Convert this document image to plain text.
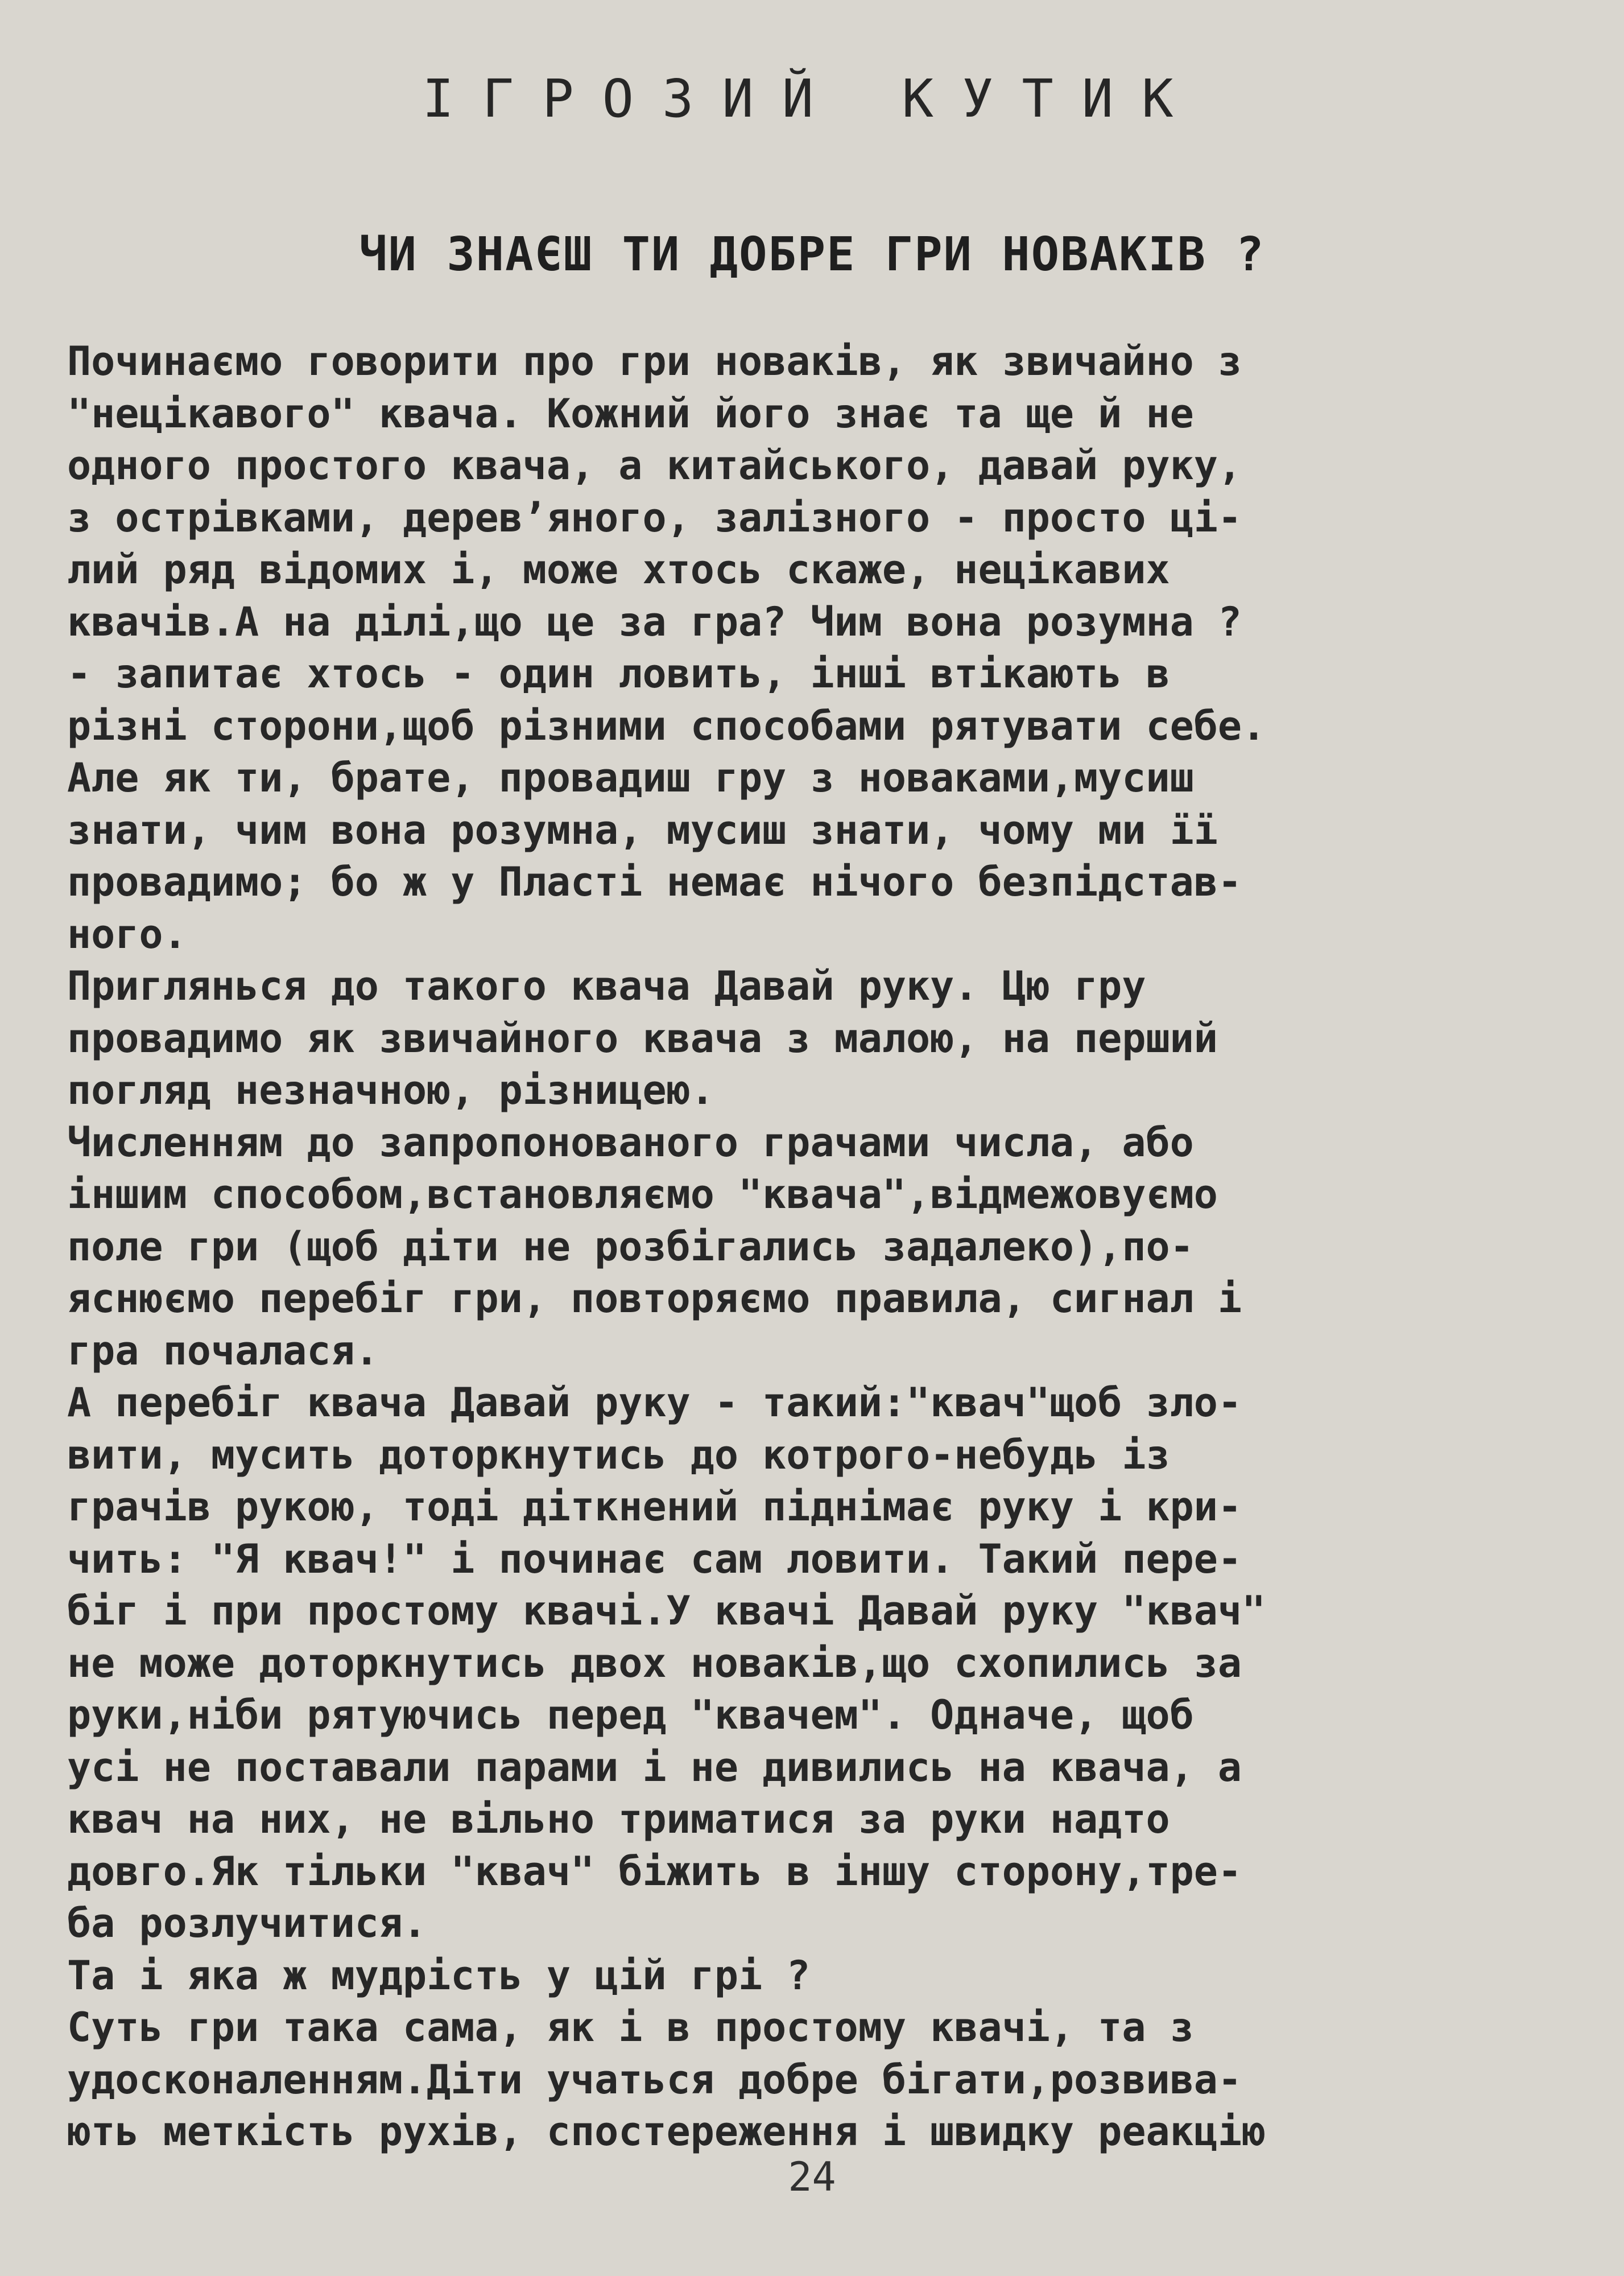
ІГРОЗИЙ КУТИК
ЧИ ЗНАЄШ ТИ ДОБРЕ ГРИ НОВАКІВ ?
Починаємо говорити про гри новаків, як звичайно з
"нецікавого" квача. Кожний його знає та ще й не
одного простого квача, а китайського, давай руку,
з острівками, дерев’яного, залізного - просто ці-
лий ряд відомих і, може хтось скаже, нецікавих
квачів.А на ділі,що це за гра? Чим вона розумна ?
- запитає хтось - один ловить, інші втікають в
різні сторони,щоб різними способами рятувати себе.
Але як ти, брате, провадиш гру з новаками,мусиш
знати, чим вона розумна, мусиш знати, чому ми її
провадимо; бо ж у Пласті немає нічого безпідстав-
ного.
Приглянься до такого квача Давай руку. Цю гру
провадимо як звичайного квача з малою, на перший
погляд незначною, різницею.
Численням до запропонованого грачами числа, або
іншим способом,встановляємо "квача",відмежовуємо
поле гри (щоб діти не розбігались задалеко),по-
яснюємо перебіг гри, повторяємо правила, сигнал і
гра почалася.
А перебіг квача Давай руку - такий:"квач"щоб зло-
вити, мусить доторкнутись до котрого-небудь із
грачів рукою, тоді діткнений піднімає руку і кри-
чить: "Я квач!" і починає сам ловити. Такий пере-
біг і при простому квачі.У квачі Давай руку "квач"
не може доторкнутись двох новаків,що схопились за
руки,ніби рятуючись перед "квачем". Одначе, щоб
усі не поставали парами і не дивились на квача, а
квач на них, не вільно триматися за руки надто
довго.Як тільки "квач" біжить в іншу сторону,тре-
ба розлучитися.
Та і яка ж мудрість у цій грі ?
Суть гри така сама, як і в простому квачі, та з
удосконаленням.Діти учаться добре бігати,розвива-
ють меткість рухів, спостереження і швидку реакцію
24
